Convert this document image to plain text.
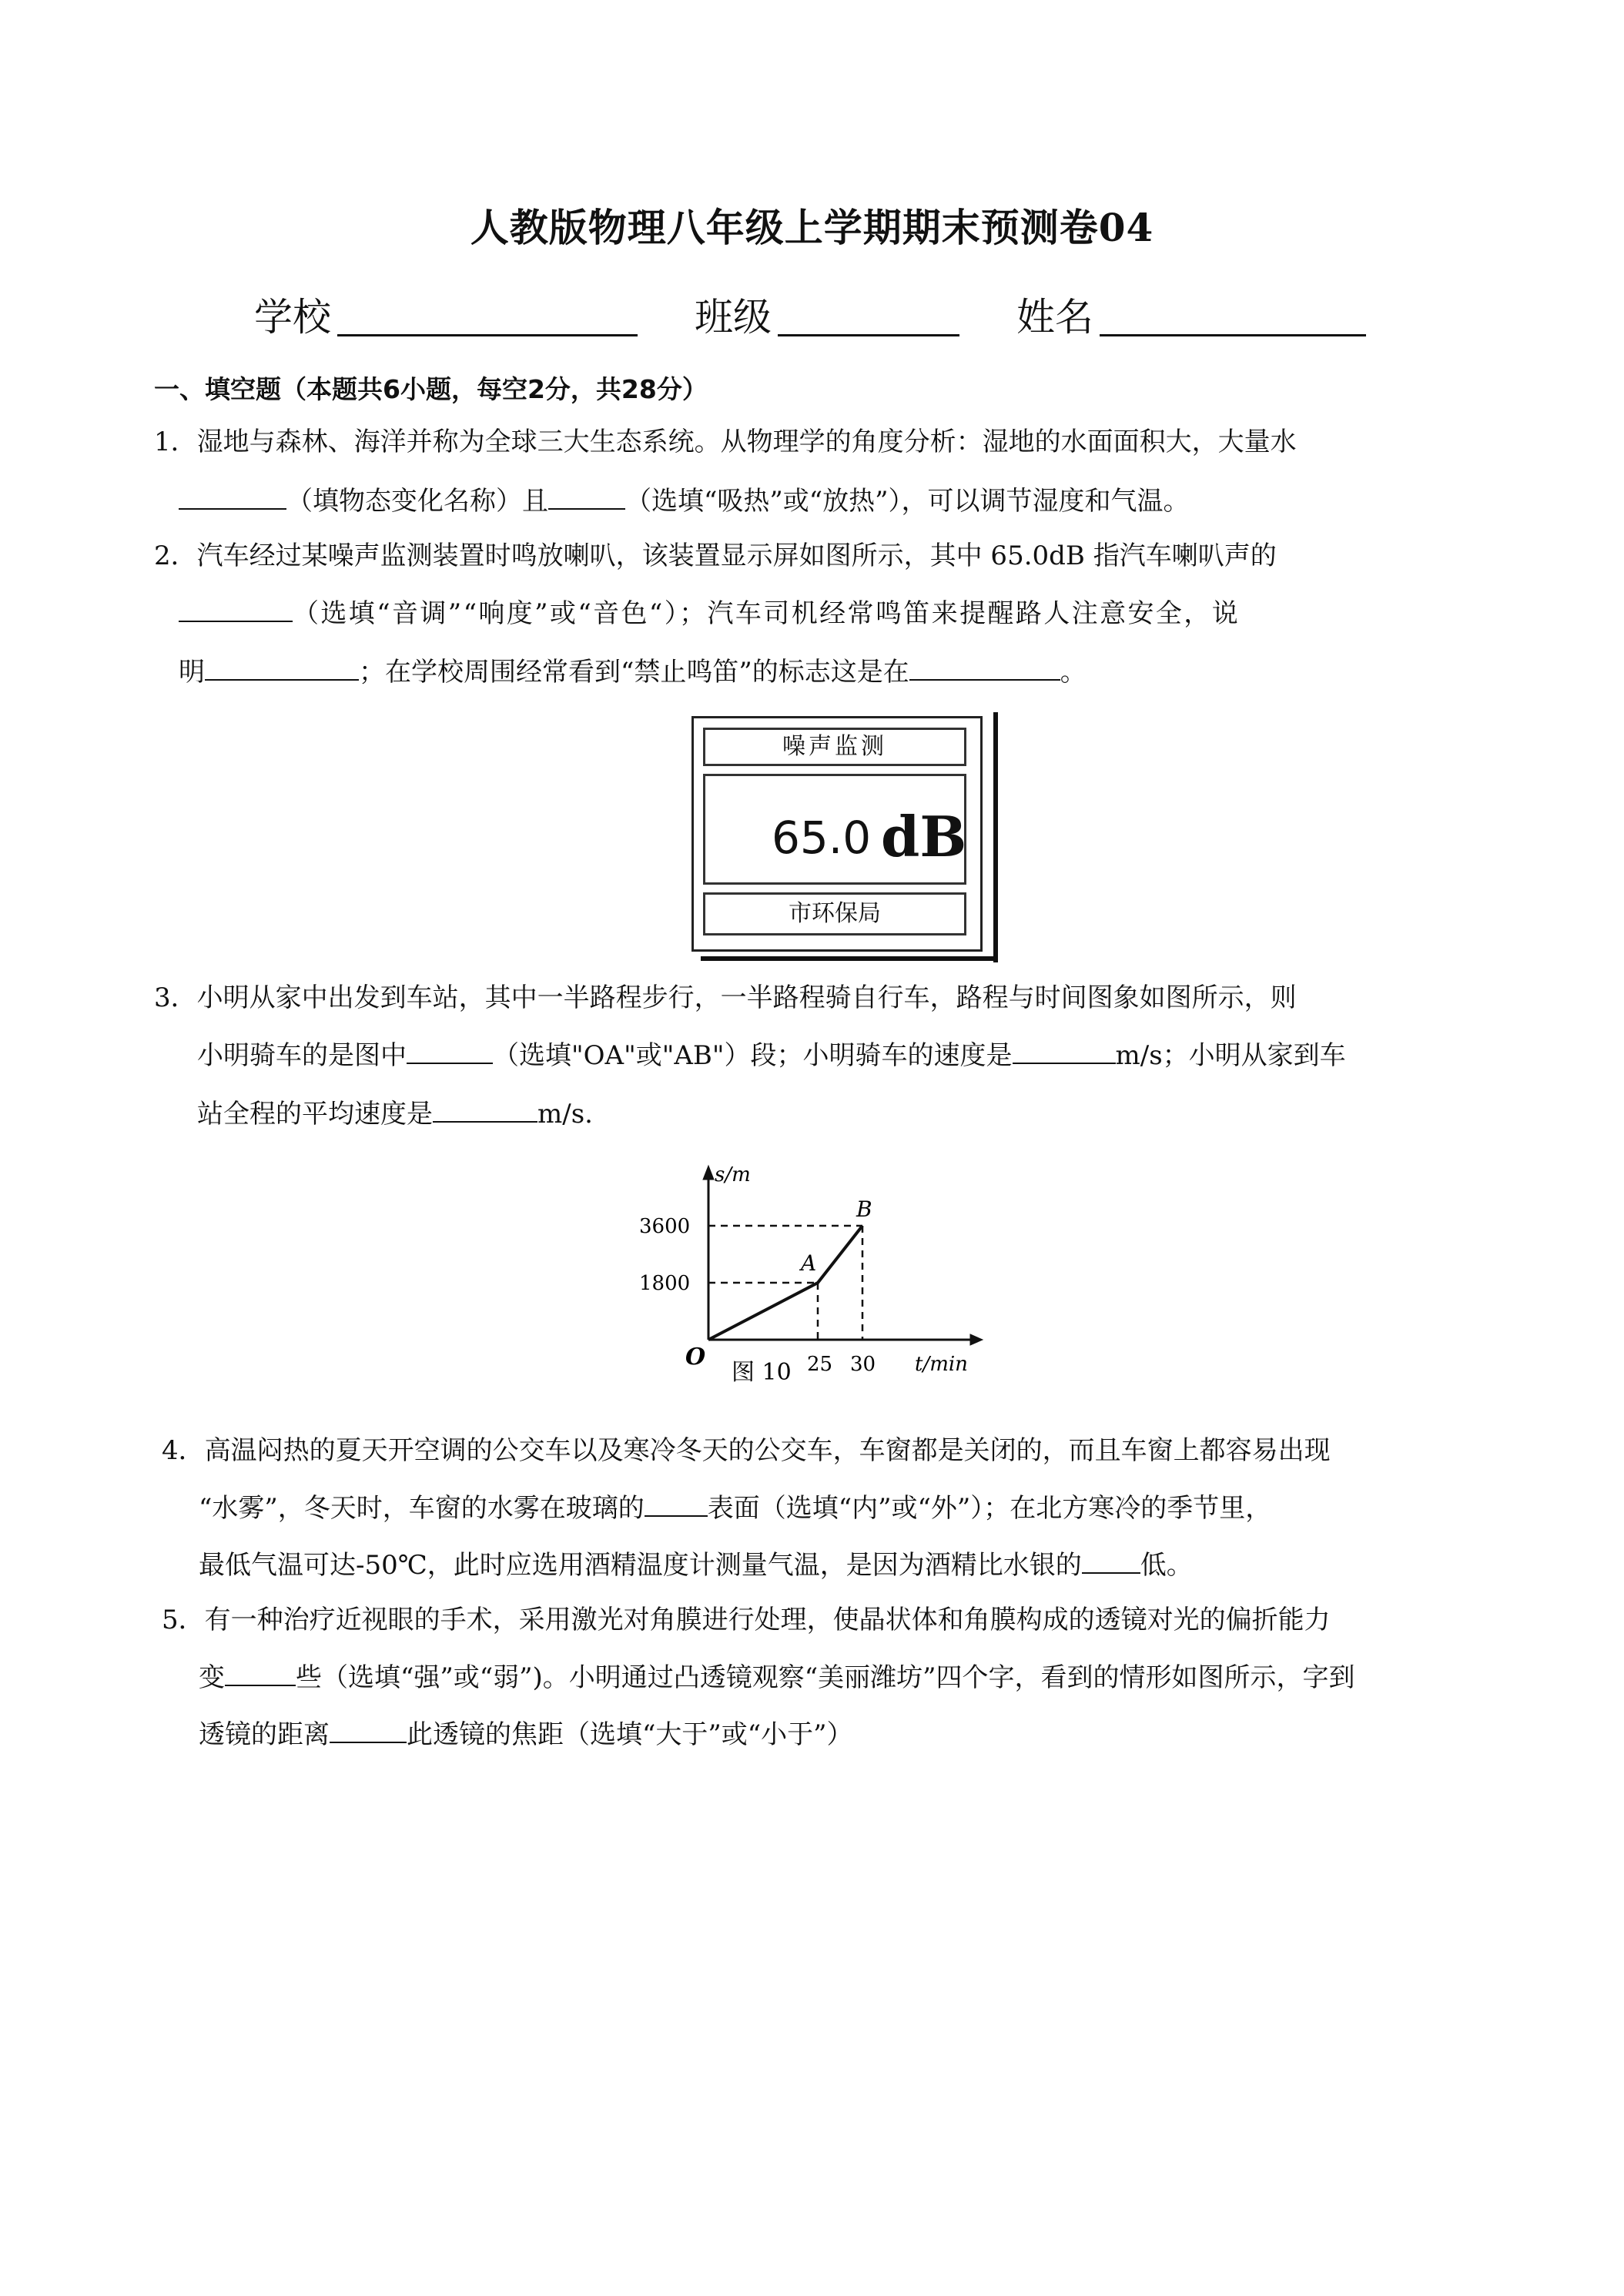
人教版物理八年级上学期期末预测卷04
学校	班级	姓名
一、填空题（本题共6小题，每空2分，共28分）
1．湿地与森林、海洋并称为全球三大生态系统。从物理学的角度分析：湿地的水面面积大，大量水
（填物态变化名称）且	（选填“吸热”或“放热”），可以调节湿度和气温。
2．汽车经过某噪声监测装置时鸣放喇叭，该装置显示屏如图所示，其中 65.0dB 指汽车喇叭声的
（选填“音调”“响度”或“音色“）；汽车司机经常鸣笛来提醒路人注意安全，说
明	；在学校周围经常看到“禁止鸣笛”的标志这是在	。
噪声监测
65.0 dB
市环保局
3．小明从家中出发到车站，其中一半路程步行，一半路程骑自行车，路程与时间图象如图所示，则
小明骑车的是图中	（选填"OA"或"AB"）段；小明骑车的速度是	m/s；小明从家到车
站全程的平均速度是	m/s.
s/m
3600
1800
O
A
B
25 30 t/min
图 10
4．高温闷热的夏天开空调的公交车以及寒冷冬天的公交车，车窗都是关闭的，而且车窗上都容易出现
“水雾”，冬天时，车窗的水雾在玻璃的 表面（选填“内”或“外”）；在北方寒冷的季节里，
最低气温可达-50℃，此时应选用酒精温度计测量气温，是因为酒精比水银的 低。
5．有一种治疗近视眼的手术，采用激光对角膜进行处理，使晶状体和角膜构成的透镜对光的偏折能力
变	些（选填“强”或“弱”)。小明通过凸透镜观察“美丽潍坊”四个字，看到的情形如图所示，字到
透镜的距离	此透镜的焦距（选填“大于”或“小于”）
